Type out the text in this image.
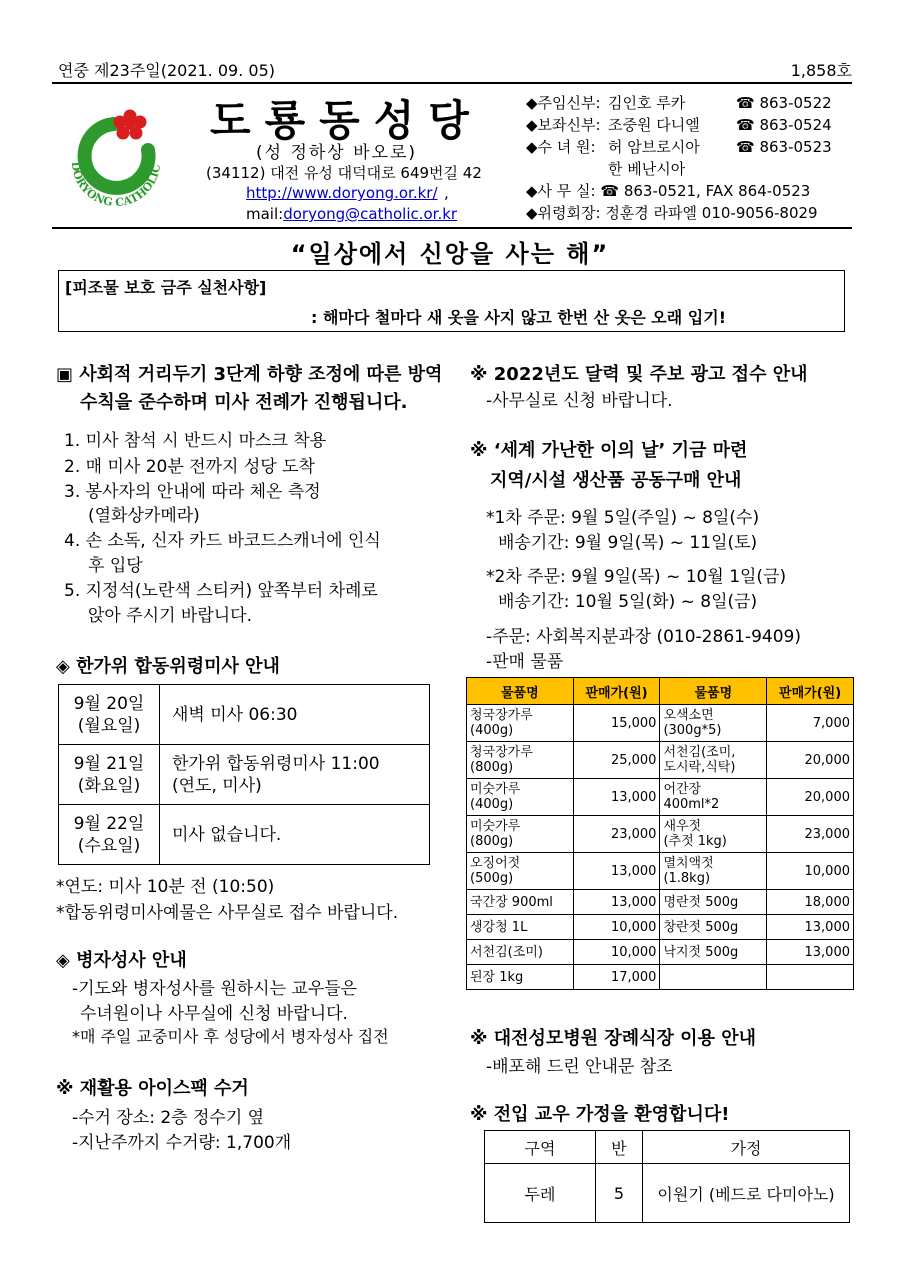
연중 제23주일(2021. 09. 05)	1,858호
DORYONG CATHOLIC
도룡동성당
(성 정하상 바오로)
(34112) 대전 유성 대덕대로 649번길 42
http://www.doryong.or.kr/ ,
mail:doryong@catholic.or.kr
◆주임신부: 김인호 루카	☎ 863-0522
◆보좌신부: 조중원 다니엘 ☎ 863-0524
◆수 녀 원: 허 암브로시아 ☎ 863-0523
한 베난시아
◆사 무 실: ☎ 863-0521, FAX 864-0523
◆위령회장: 정훈경 라파엘 010-9056-8029
“일상에서 신앙을 사는 해”
[피조물 보호 금주 실천사항]
: 해마다 철마다 새 옷을 사지 않고 한번 산 옷은 오래 입기!
▣ 사회적 거리두기 3단계 하향 조정에 따른 방역
수칙을 준수하며 미사 전례가 진행됩니다.
1. 미사 참석 시 반드시 마스크 착용
2. 매 미사 20분 전까지 성당 도착
3. 봉사자의 안내에 따라 체온 측정
(열화상카메라)
4. 손 소독, 신자 카드 바코드스캐너에 인식
후 입당
5. 지정석(노란색 스티커) 앞쪽부터 차례로
앉아 주시기 바랍니다.
◈ 한가위 합동위령미사 안내
9월 20일
(월요일)	새벽 미사 06:30
9월 21일
(화요일)	한가위 합동위령미사 11:00
(연도, 미사)
9월 22일
(수요일)	미사 없습니다.
*연도: 미사 10분 전 (10:50)
*합동위령미사예물은 사무실로 접수 바랍니다.
◈ 병자성사 안내
-기도와 병자성사를 원하시는 교우들은
수녀원이나 사무실에 신청 바랍니다.
*매 주일 교중미사 후 성당에서 병자성사 집전
※ 재활용 아이스팩 수거
-수거 장소: 2층 정수기 옆
-지난주까지 수거량: 1,700개
※ 2022년도 달력 및 주보 광고 접수 안내
-사무실로 신청 바랍니다.
※ ‘세계 가난한 이의 날’ 기금 마련
지역/시설 생산품 공동구매 안내
*1차 주문: 9월 5일(주일) ~ 8일(수)
배송기간: 9월 9일(목) ~ 11일(토)
*2차 주문: 9월 9일(목) ~ 10월 1일(금)
배송기간: 10월 5일(화) ~ 8일(금)
-주문: 사회복지분과장 (010-2861-9409)
-판매 물품
물품명	판매가(원)	물품명	판매가(원)
청국장가루
(400g)	15,000	오색소면
(300g*5)	7,000
청국장가루
(800g)	25,000	서천김(조미,
도시락,식탁)	20,000
미숫가루
(400g)	13,000	어간장
400ml*2	20,000
미숫가루
(800g)	23,000	새우젓
(추젓 1kg)	23,000
오징어젓
(500g)	13,000	멸치액젓
(1.8kg)	10,000
국간장 900ml	13,000	명란젓 500g	18,000
생강청 1L	10,000	창란젓 500g	13,000
서천김(조미)	10,000	낙지젓 500g	13,000
된장 1kg	17,000		
※ 대전성모병원 장례식장 이용 안내
-배포해 드린 안내문 참조
※ 전입 교우 가정을 환영합니다!
구역	반	가정
두레	5	이원기 (베드로 다미아노)
